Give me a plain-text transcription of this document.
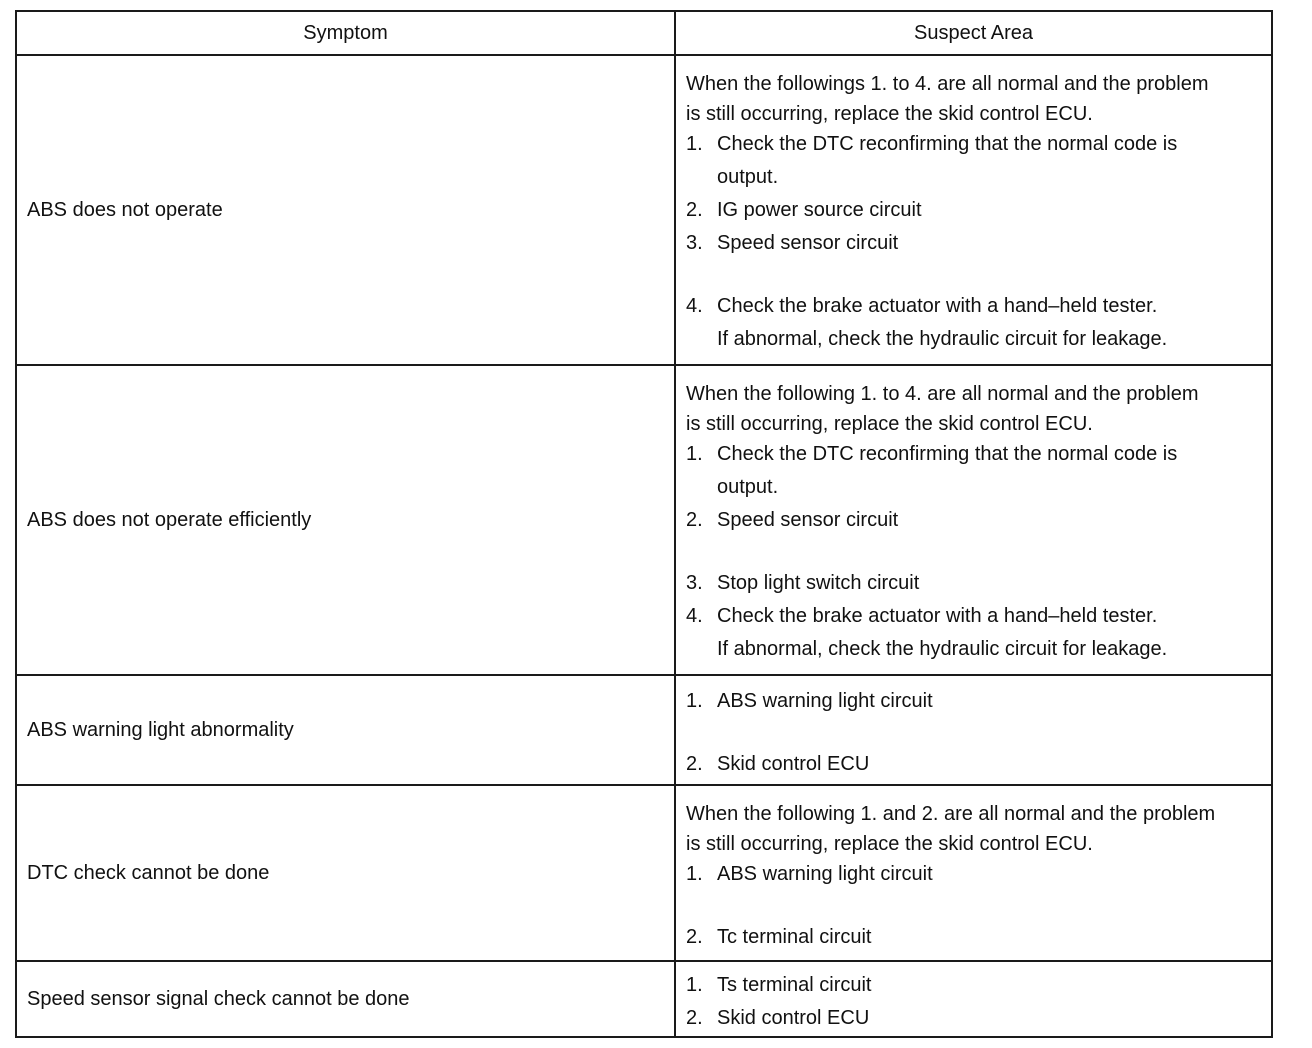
Symptom	Suspect Area
ABS does not operate
When the followings 1. to 4. are all normal and the problem
is still occurring, replace the skid control ECU.
1. Check the DTC reconfirming that the normal code is
output.
2. IG power source circuit
3. Speed sensor circuit
4. Check the brake actuator with a hand–held tester.
If abnormal, check the hydraulic circuit for leakage.
ABS does not operate efficiently
When the following 1. to 4. are all normal and the problem
is still occurring, replace the skid control ECU.
1. Check the DTC reconfirming that the normal code is
output.
2. Speed sensor circuit
3. Stop light switch circuit
4. Check the brake actuator with a hand–held tester.
If abnormal, check the hydraulic circuit for leakage.
ABS warning light abnormality
1. ABS warning light circuit
2. Skid control ECU
DTC check cannot be done
When the following 1. and 2. are all normal and the problem
is still occurring, replace the skid control ECU.
1. ABS warning light circuit
2. Tc terminal circuit
Speed sensor signal check cannot be done
1. Ts terminal circuit
2. Skid control ECU
